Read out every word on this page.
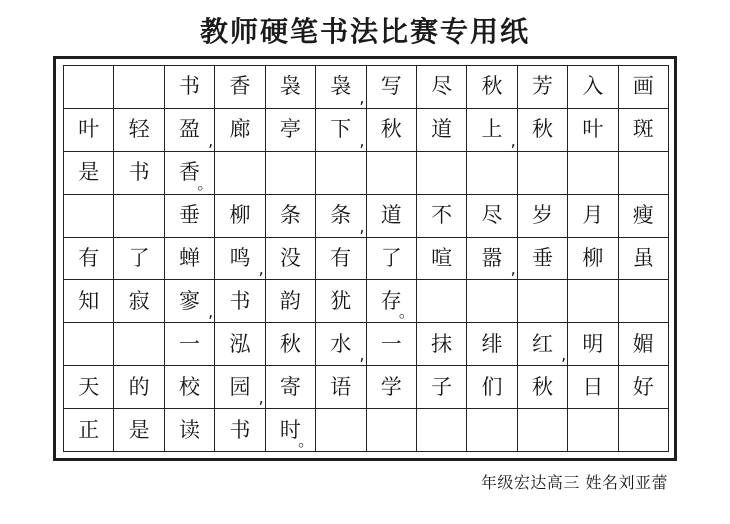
教师硬笔书法比赛专用纸
书 香 袅 袅 , 写 尽 秋 芳 入 画
叶 轻 盈 , 廊 亭 下 , 秋 道 上 , 秋 叶 斑
是 书 香
。
垂 柳 条 条 , 道 不 尽 岁 月 瘦
有 了 蝉 鸣 , 没 有 了 喧 嚣 , 垂 柳 虽
知 寂 寥 , 书 韵 犹 存
。
一 泓 秋 水 , 一 抹 绯 红 , 明 媚
天 的 校 园 , 寄 语 学 子 们 秋 日 好
正 是 读 书 时
。
年级宏达高三 姓名刘亚蕾
